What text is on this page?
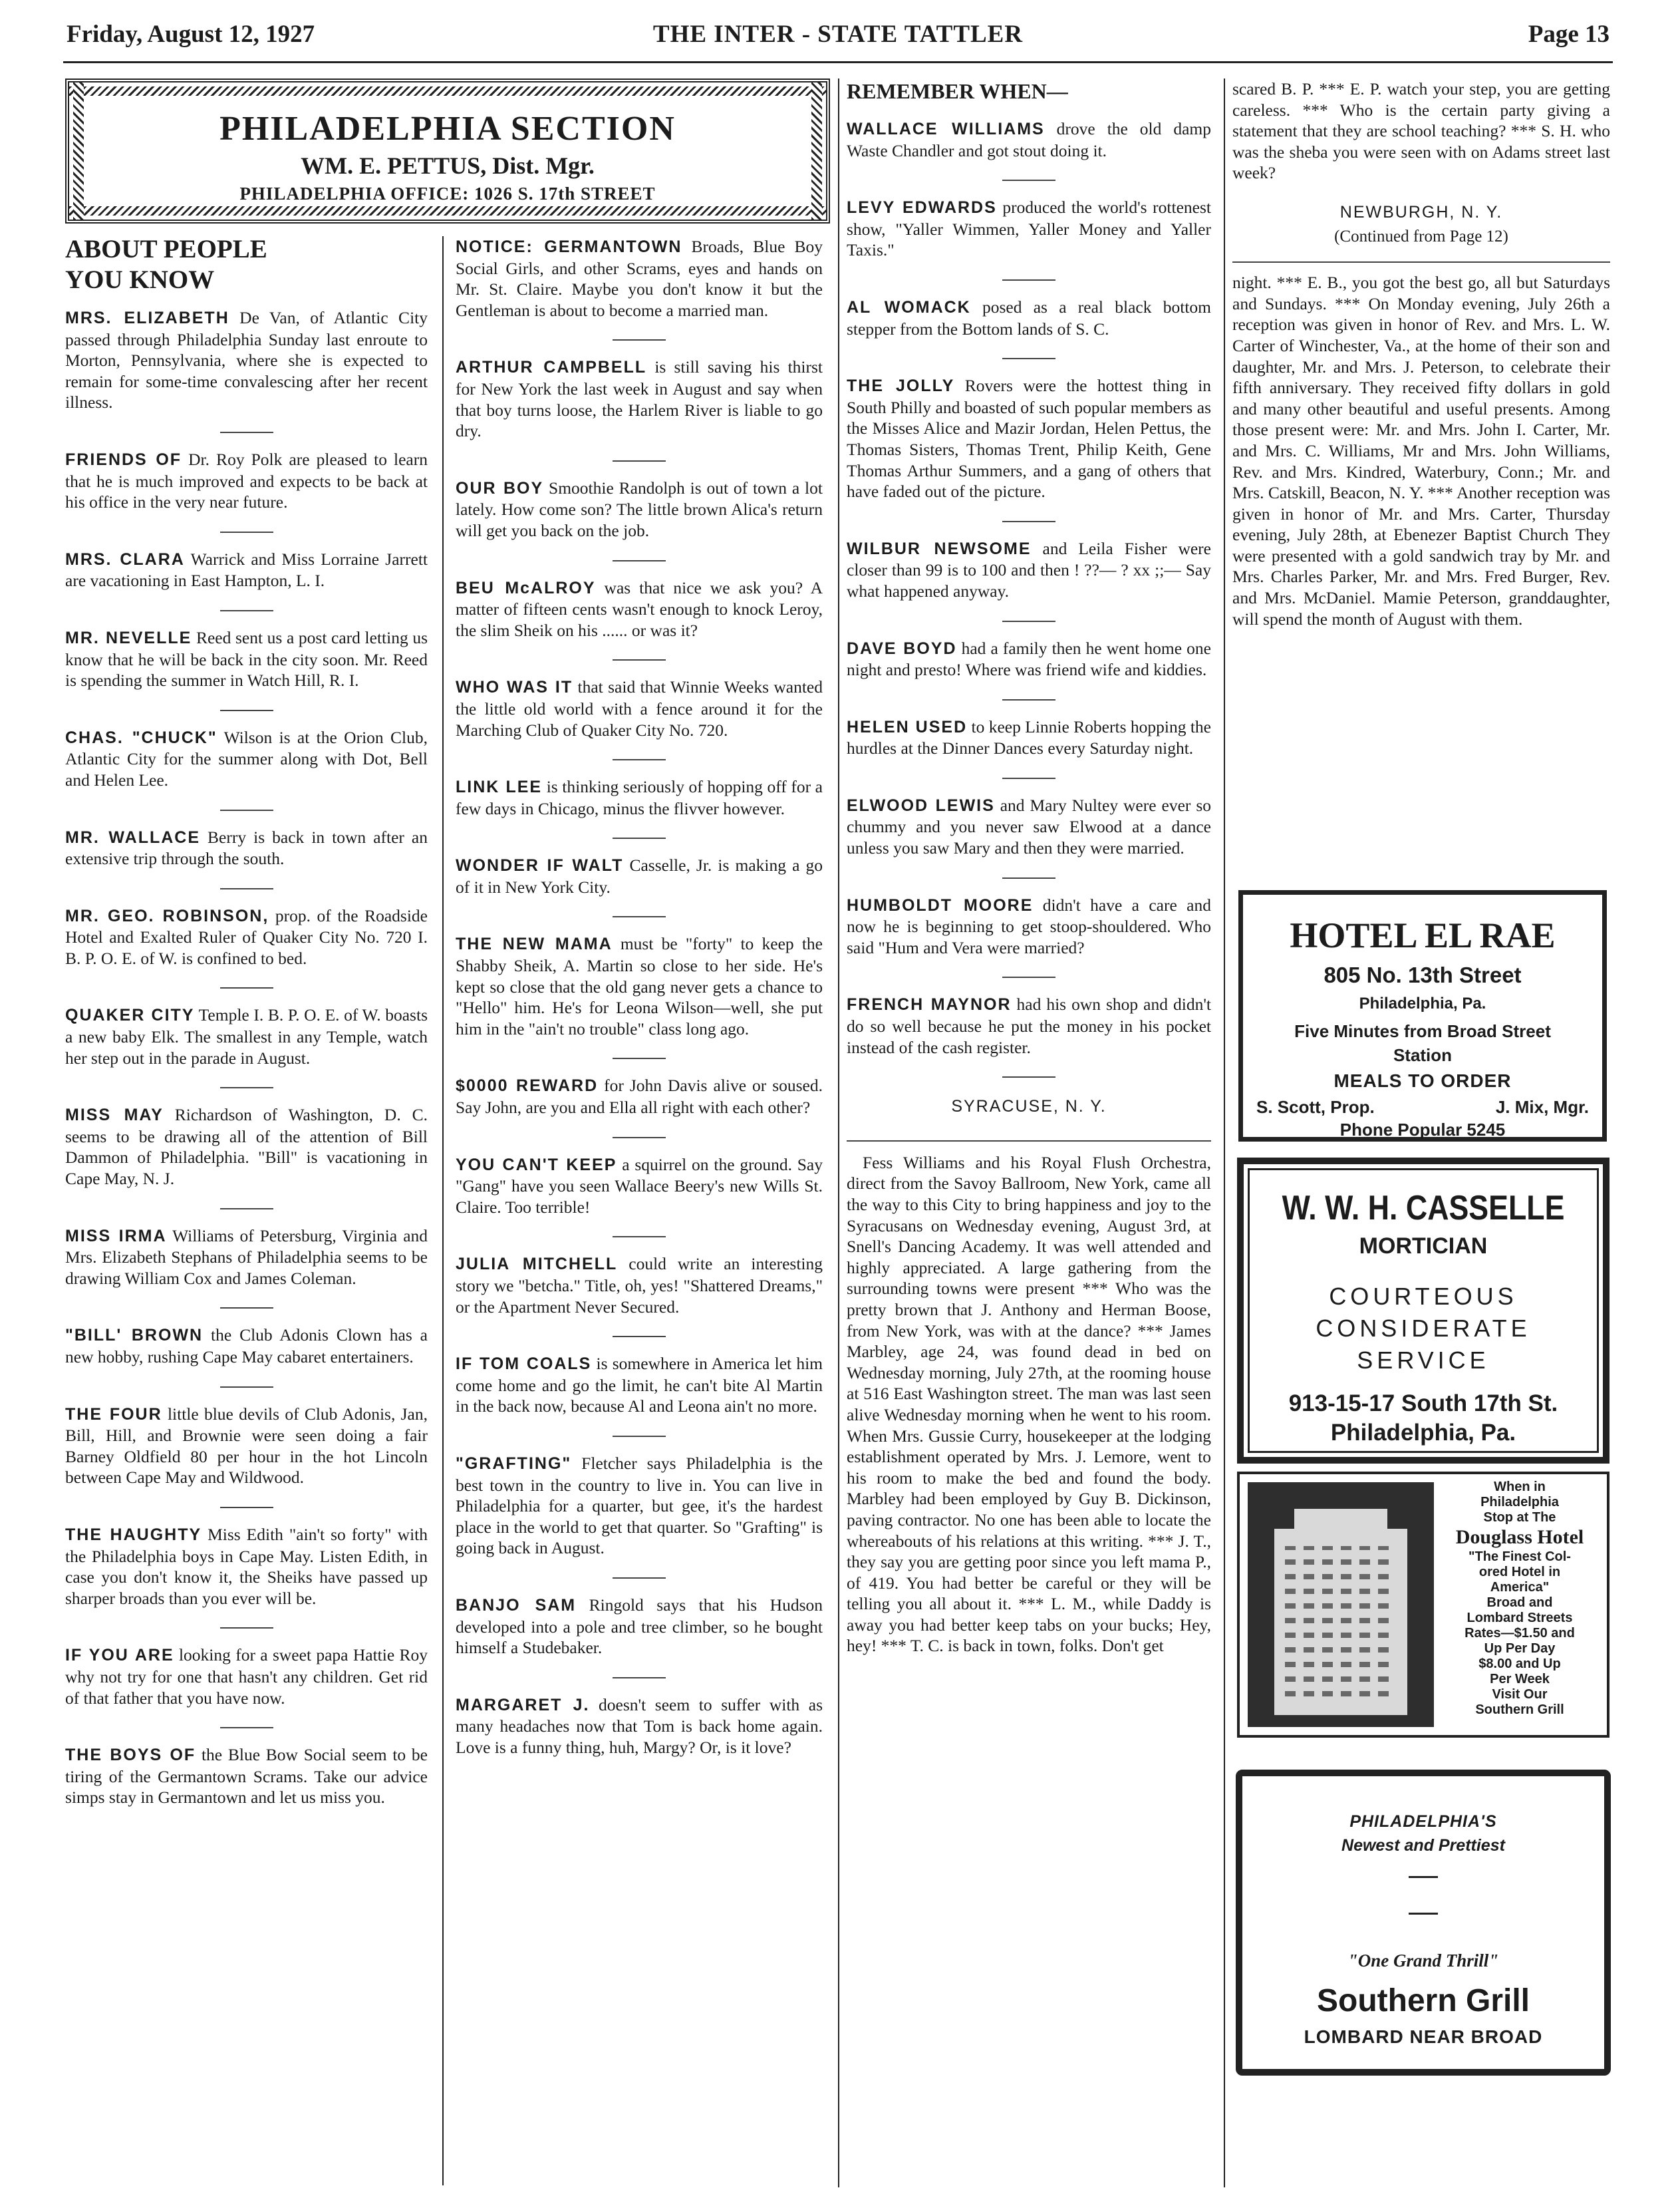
Friday, August 12, 1927	THE INTER - STATE TATTLER	Page 13
PHILADELPHIA SECTION
WM. E. PETTUS, Dist. Mgr.
PHILADELPHIA OFFICE: 1026 S. 17th STREET
ABOUT PEOPLE
YOU KNOW

MRS. ELIZABETH De Van, of Atlantic City passed through Philadelphia Sunday last enroute to Morton, Pennsylvania, where she is expected to remain for some-time convalescing after her recent illness.

FRIENDS OF Dr. Roy Polk are pleased to learn that he is much improved and expects to be back at his office in the very near future.

MRS. CLARA Warrick and Miss Lorraine Jarrett are vacationing in East Hampton, L. I.

MR. NEVELLE Reed sent us a post card letting us know that he will be back in the city soon. Mr. Reed is spending the summer in Watch Hill, R. I.

CHAS. "CHUCK" Wilson is at the Orion Club, Atlantic City for the summer along with Dot, Bell and Helen Lee.

MR. WALLACE Berry is back in town after an extensive trip through the south.

MR. GEO. ROBINSON, prop. of the Roadside Hotel and Exalted Ruler of Quaker City No. 720 I. B. P. O. E. of W. is confined to bed.

QUAKER CITY Temple I. B. P. O. E. of W. boasts a new baby Elk. The smallest in any Temple, watch her step out in the parade in August.

MISS MAY Richardson of Washington, D. C. seems to be drawing all of the attention of Bill Dammon of Philadelphia. "Bill" is vacationing in Cape May, N. J.

MISS IRMA Williams of Petersburg, Virginia and Mrs. Elizabeth Stephans of Philadelphia seems to be drawing William Cox and James Coleman.

"BILL' BROWN the Club Adonis Clown has a new hobby, rushing Cape May cabaret entertainers.

THE FOUR little blue devils of Club Adonis, Jan, Bill, Hill, and Brownie were seen doing a fair Barney Oldfield 80 per hour in the hot Lincoln between Cape May and Wildwood.

THE HAUGHTY Miss Edith "ain't so forty" with the Philadelphia boys in Cape May. Listen Edith, in case you don't know it, the Sheiks have passed up sharper broads than you ever will be.

IF YOU ARE looking for a sweet papa Hattie Roy why not try for one that hasn't any children. Get rid of that father that you have now.

THE BOYS OF the Blue Bow Social seem to be tiring of the Germantown Scrams. Take our advice simps stay in Germantown and let us miss you.

NOTICE: GERMANTOWN Broads, Blue Boy Social Girls, and other Scrams, eyes and hands on Mr. St. Claire. Maybe you don't know it but the Gentleman is about to become a married man.

ARTHUR CAMPBELL is still saving his thirst for New York the last week in August and say when that boy turns loose, the Harlem River is liable to go dry.

OUR BOY Smoothie Randolph is out of town a lot lately. How come son? The little brown Alica's return will get you back on the job.

BEU McALROY was that nice we ask you? A matter of fifteen cents wasn't enough to knock Leroy, the slim Sheik on his ...... or was it?

WHO WAS IT that said that Winnie Weeks wanted the little old world with a fence around it for the Marching Club of Quaker City No. 720.

LINK LEE is thinking seriously of hopping off for a few days in Chicago, minus the flivver however.

WONDER IF WALT Casselle, Jr. is making a go of it in New York City.

THE NEW MAMA must be "forty" to keep the Shabby Sheik, A. Martin so close to her side. He's kept so close that the old gang never gets a chance to "Hello" him. He's for Leona Wilson—well, she put him in the "ain't no trouble" class long ago.

$0000 REWARD for John Davis alive or soused. Say John, are you and Ella all right with each other?

YOU CAN'T KEEP a squirrel on the ground. Say "Gang" have you seen Wallace Beery's new Wills St. Claire. Too terrible!

JULIA MITCHELL could write an interesting story we "betcha." Title, oh, yes! "Shattered Dreams," or the Apartment Never Secured.

IF TOM COALS is somewhere in America let him come home and go the limit, he can't bite Al Martin in the back now, because Al and Leona ain't no more.

"GRAFTING" Fletcher says Philadelphia is the best town in the country to live in. You can live in Philadelphia for a quarter, but gee, it's the hardest place in the world to get that quarter. So "Grafting" is going back in August.

BANJO SAM Ringold says that his Hudson developed into a pole and tree climber, so he bought himself a Studebaker.

MARGARET J. doesn't seem to suffer with as many headaches now that Tom is back home again. Love is a funny thing, huh, Margy? Or, is it love?

REMEMBER WHEN—

WALLACE WILLIAMS drove the old damp Waste Chandler and got stout doing it.

LEVY EDWARDS produced the world's rottenest show, "Yaller Wimmen, Yaller Money and Yaller Taxis."

AL WOMACK posed as a real black bottom stepper from the Bottom lands of S. C.

THE JOLLY Rovers were the hottest thing in South Philly and boasted of such popular members as the Misses Alice and Mazir Jordan, Helen Pettus, the Thomas Sisters, Thomas Trent, Philip Keith, Gene Thomas Arthur Summers, and a gang of others that have faded out of the picture.

WILBUR NEWSOME and Leila Fisher were closer than 99 is to 100 and then ! ??— ? xx ;;— Say what happened anyway.

DAVE BOYD had a family then he went home one night and presto! Where was friend wife and kiddies.

HELEN USED to keep Linnie Roberts hopping the hurdles at the Dinner Dances every Saturday night.

ELWOOD LEWIS and Mary Nultey were ever so chummy and you never saw Elwood at a dance unless you saw Mary and then they were married.

HUMBOLDT MOORE didn't have a care and now he is beginning to get stoop-shouldered. Who said "Hum and Vera were married?

FRENCH MAYNOR had his own shop and didn't do so well because he put the money in his pocket instead of the cash register.

SYRACUSE, N. Y.

Fess Williams and his Royal Flush Orchestra, direct from the Savoy Ballroom, New York, came all the way to this City to bring happiness and joy to the Syracusans on Wednesday evening, August 3rd, at Snell's Dancing Academy. It was well attended and highly appreciated. A large gathering from the surrounding towns were present *** Who was the pretty brown that J. Anthony and Herman Boose, from New York, was with at the dance? *** James Marbley, age 24, was found dead in bed on Wednesday morning, July 27th, at the rooming house at 516 East Washington street. The man was last seen alive Wednesday morning when he went to his room. When Mrs. Gussie Curry, housekeeper at the lodging establishment operated by Mrs. J. Lemore, went to his room to make the bed and found the body. Marbley had been employed by Guy B. Dickinson, paving contractor. No one has been able to locate the whereabouts of his relations at this writing. *** J. T., they say you are getting poor since you left mama P., of 419. You had better be careful or they will be telling you all about it. *** L. M., while Daddy is away you had better keep tabs on your bucks; Hey, hey! *** T. C. is back in town, folks. Don't get

scared B. P. *** E. P. watch your step, you are getting careless. *** Who is the certain party giving a statement that they are school teaching? *** S. H. who was the sheba you were seen with on Adams street last week?

NEWBURGH, N. Y.
(Continued from Page 12)

night. *** E. B., you got the best go, all but Saturdays and Sundays. *** On Monday evening, July 26th a reception was given in honor of Rev. and Mrs. L. W. Carter of Winchester, Va., at the home of their son and daughter, Mr. and Mrs. J. Peterson, to celebrate their fifth anniversary. They received fifty dollars in gold and many other beautiful and useful presents. Among those present were: Mr. and Mrs. John I. Carter, Mr. and Mrs. C. Williams, Mr and Mrs. John Williams, Rev. and Mrs. Kindred, Waterbury, Conn.; Mr. and Mrs. Catskill, Beacon, N. Y. *** Another reception was given in honor of Mr. and Mrs. Carter, Thursday evening, July 28th, at Ebenezer Baptist Church They were presented with a gold sandwich tray by Mr. and Mrs. Charles Parker, Mr. and Mrs. Fred Burger, Rev. and Mrs. McDaniel. Mamie Peterson, granddaughter, will spend the month of August with them.

HOTEL EL RAE
805 No. 13th Street
Philadelphia, Pa.
Five Minutes from Broad Street
Station
MEALS TO ORDER
S. Scott, Prop.	J. Mix, Mgr.
Phone Popular 5245
W. W. H. CASSELLE
MORTICIAN
COURTEOUS
CONSIDERATE
SERVICE
913-15-17 South 17th St.
Philadelphia, Pa.
When in
Philadelphia
Stop at The
Douglass Hotel
"The Finest Col-
ored Hotel in
America"
Broad and
Lombard Streets
Rates—$1.50 and
Up Per Day
$8.00 and Up
Per Week
Visit Our
Southern Grill
PHILADELPHIA'S
Newest and Prettiest
"One Grand Thrill"
Southern Grill
LOMBARD NEAR BROAD
